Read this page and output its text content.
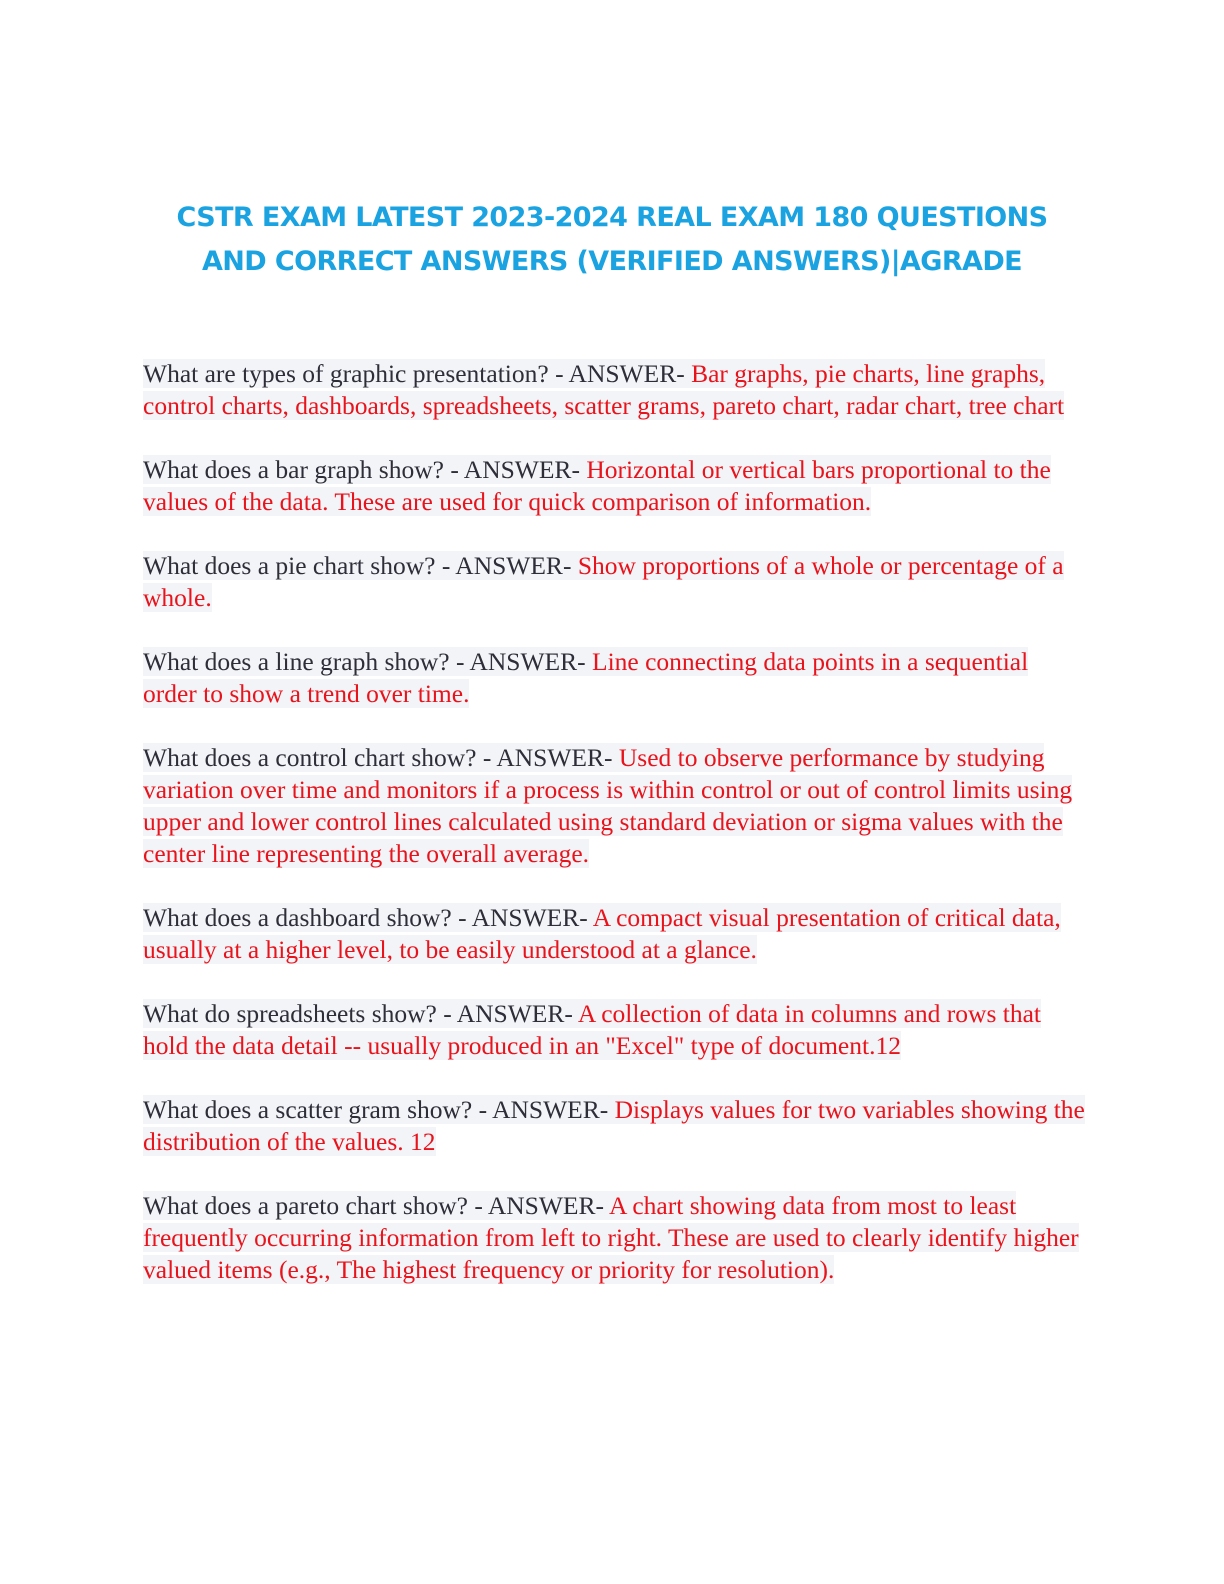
CSTR EXAM LATEST 2023-2024 REAL EXAM 180 QUESTIONS
AND CORRECT ANSWERS (VERIFIED ANSWERS)|AGRADE
What are types of graphic presentation? - ANSWER- Bar graphs, pie charts, line graphs, control charts, dashboards, spreadsheets, scatter grams, pareto chart, radar chart, tree chart
What does a bar graph show? - ANSWER- Horizontal or vertical bars proportional to the values of the data. These are used for quick comparison of information.
What does a pie chart show? - ANSWER- Show proportions of a whole or percentage of a whole.
What does a line graph show? - ANSWER- Line connecting data points in a sequential order to show a trend over time.
What does a control chart show? - ANSWER- Used to observe performance by studying variation over time and monitors if a process is within control or out of control limits using upper and lower control lines calculated using standard deviation or sigma values with the center line representing the overall average.
What does a dashboard show? - ANSWER- A compact visual presentation of critical data, usually at a higher level, to be easily understood at a glance.
What do spreadsheets show? - ANSWER- A collection of data in columns and rows that hold the data detail -- usually produced in an "Excel" type of document.12
What does a scatter gram show? - ANSWER- Displays values for two variables showing the distribution of the values. 12
What does a pareto chart show? - ANSWER- A chart showing data from most to least frequently occurring information from left to right. These are used to clearly identify higher valued items (e.g., The highest frequency or priority for resolution).
